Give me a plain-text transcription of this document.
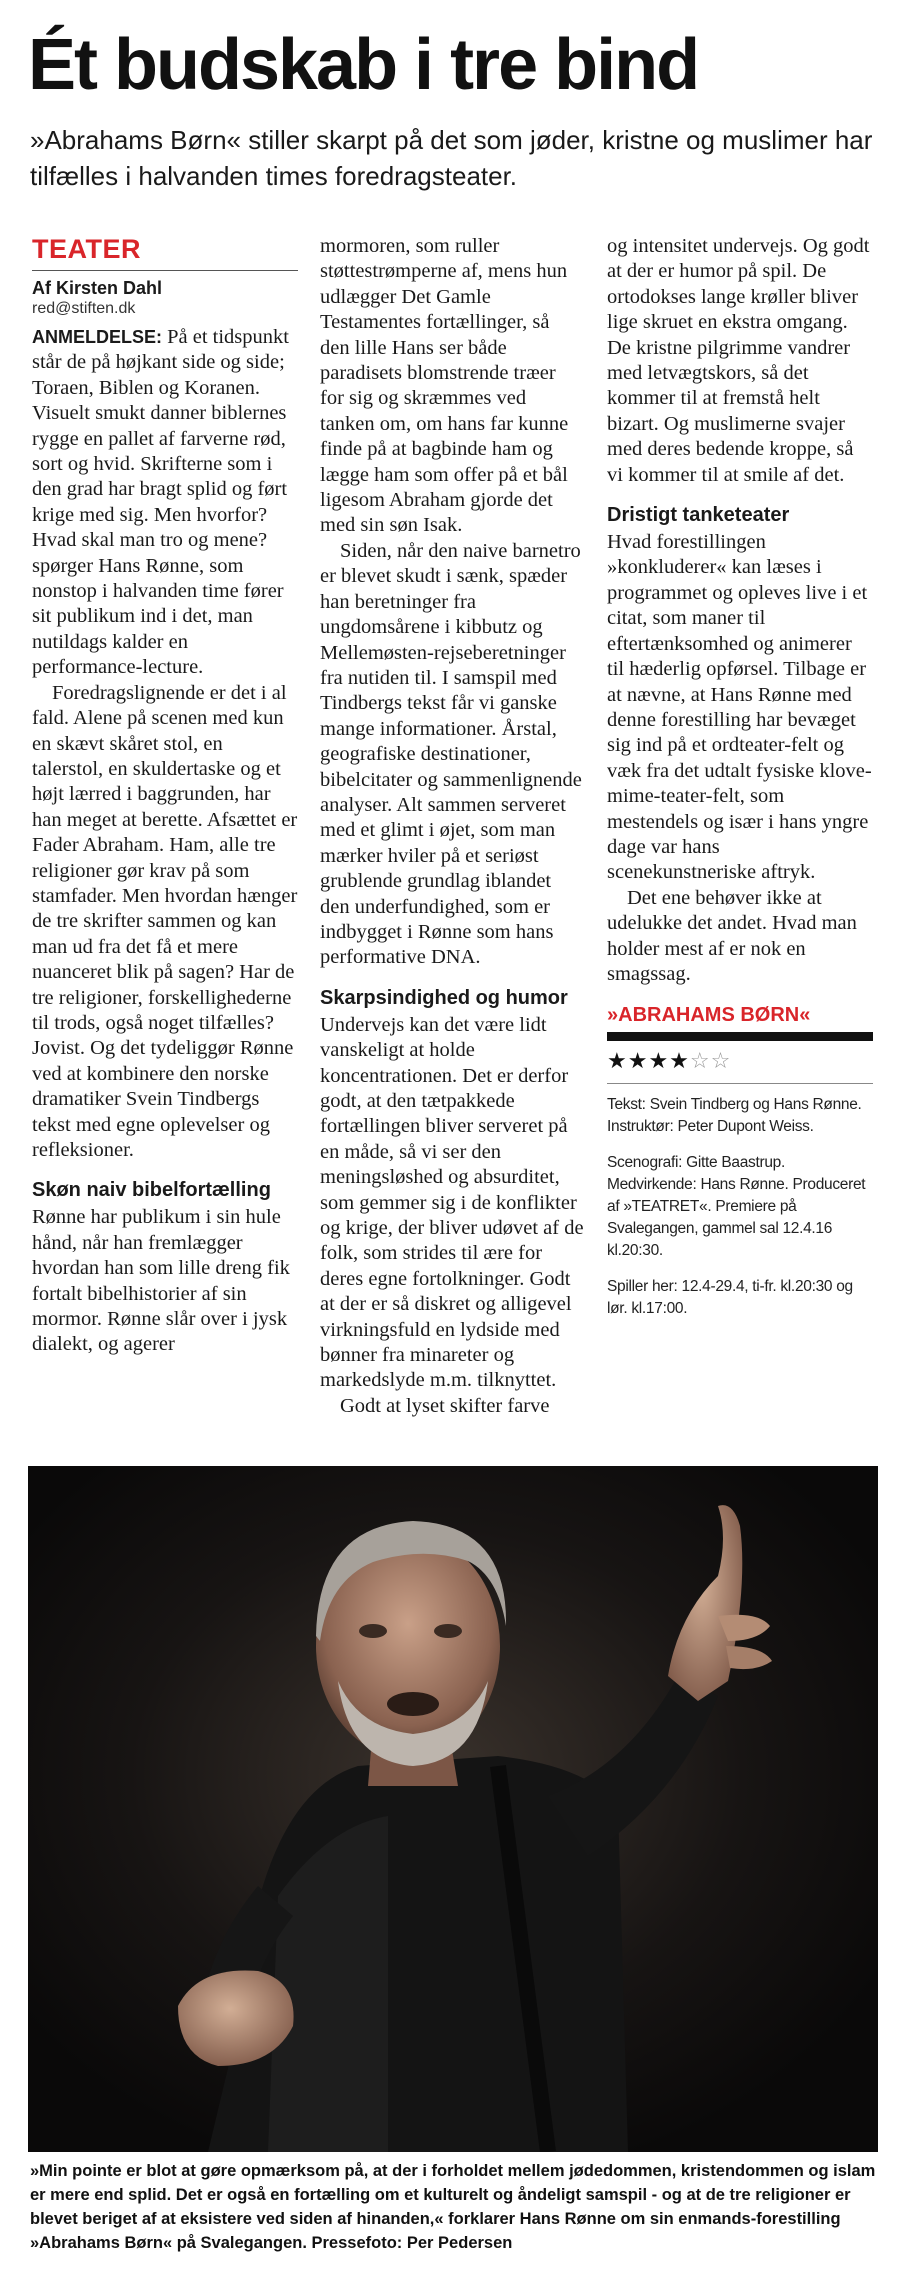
Ét budskab i tre bind
»Abrahams Børn« stiller skarpt på det som jøder, kristne og muslimer har tilfælles i halvanden times foredragsteater.
TEATER
Af Kirsten Dahl
red@stiften.dk

ANMELDELSE: På et tidspunkt står de på højkant side og side; Toraen, Biblen og Koranen. Visuelt smukt danner biblernes rygge en pallet af farverne rød, sort og hvid. Skrifterne som i den grad har bragt splid og ført krige med sig. Men hvorfor? Hvad skal man tro og mene? spørger Hans Rønne, som nonstop i halvanden time fører sit publikum ind i det, man nutildags kalder en performance-lecture.

Foredragslignende er det i al fald. Alene på scenen med kun en skævt skåret stol, en talerstol, en skuldertaske og et højt lærred i baggrunden, har han meget at berette. Afsættet er Fader Abraham. Ham, alle tre religioner gør krav på som stamfader. Men hvordan hænger de tre skrifter sammen og kan man ud fra det få et mere nuanceret blik på sagen? Har de tre religioner, forskellighederne til trods, også noget tilfælles? Jovist. Og det tydeliggør Rønne ved at kombinere den norske dramatiker Svein Tindbergs tekst med egne oplevelser og refleksioner.

Skøn naiv bibelfortælling

Rønne har publikum i sin hule hånd, når han fremlægger hvordan han som lille dreng fik fortalt bibelhistorier af sin mormor. Rønne slår over i jysk dialekt, og agerer

mormoren, som ruller støttestrømperne af, mens hun udlægger Det Gamle Testamentes fortællinger, så den lille Hans ser både paradisets blomstrende træer for sig og skræmmes ved tanken om, om hans far kunne finde på at bagbinde ham og lægge ham som offer på et bål ligesom Abraham gjorde det med sin søn Isak.

Siden, når den naive barnetro er blevet skudt i sænk, spæder han beretninger fra ungdomsårene i kibbutz og Mellemøsten-rejseberetninger fra nutiden til. I samspil med Tindbergs tekst får vi ganske mange informationer. Årstal, geografiske destinationer, bibelcitater og sammenlignende analyser. Alt sammen serveret med et glimt i øjet, som man mærker hviler på et seriøst grublende grundlag iblandet den underfundighed, som er indbygget i Rønne som hans performative DNA.

Skarpsindighed og humor

Undervejs kan det være lidt vanskeligt at holde koncentrationen. Det er derfor godt, at den tætpakkede fortællingen bliver serveret på en måde, så vi ser den meningsløshed og absurditet, som gemmer sig i de konflikter og krige, der bliver udøvet af de folk, som strides til ære for deres egne fortolkninger. Godt at der er så diskret og alligevel virkningsfuld en lydside med bønner fra minareter og markedslyde m.m. tilknyttet.

Godt at lyset skifter farve

og intensitet undervejs. Og godt at der er humor på spil. De ortodokses lange krøller bliver lige skruet en ekstra omgang. De kristne pilgrimme vandrer med letvægtskors, så det kommer til at fremstå helt bizart. Og muslimerne svajer med deres bedende kroppe, så vi kommer til at smile af det.

Dristigt tanketeater

Hvad forestillingen »konkluderer« kan læses i programmet og opleves live i et citat, som maner til eftertænksomhed og animerer til hæderlig opførsel. Tilbage er at nævne, at Hans Rønne med denne forestilling har bevæget sig ind på et ordteater-felt og væk fra det udtalt fysiske klove-mime-teater-felt, som mestendels og især i hans yngre dage var hans scenekunstneriske aftryk.

Det ene behøver ikke at udelukke det andet. Hvad man holder mest af er nok en smagssag.

»ABRAHAMS BØRN«
★★★★☆☆
Tekst: Svein Tindberg og Hans Rønne. Instruktør: Peter Dupont Weiss.
Scenografi: Gitte Baastrup. Medvirkende: Hans Rønne. Produceret af »TEATRET«. Premiere på Svalegangen, gammel sal 12.4.16 kl.20:30.
Spiller her: 12.4-29.4, ti-fr. kl.20:30 og lør. kl.17:00.
»Min pointe er blot at gøre opmærksom på, at der i forholdet mellem jødedommen, kristendommen og islam er mere end splid. Det er også en fortælling om et kulturelt og åndeligt samspil - og at de tre religioner er blevet beriget af at eksistere ved siden af hinanden,« forklarer Hans Rønne om sin enmands-forestilling »Abrahams Børn« på Svalegangen. Pressefoto: Per Pedersen
